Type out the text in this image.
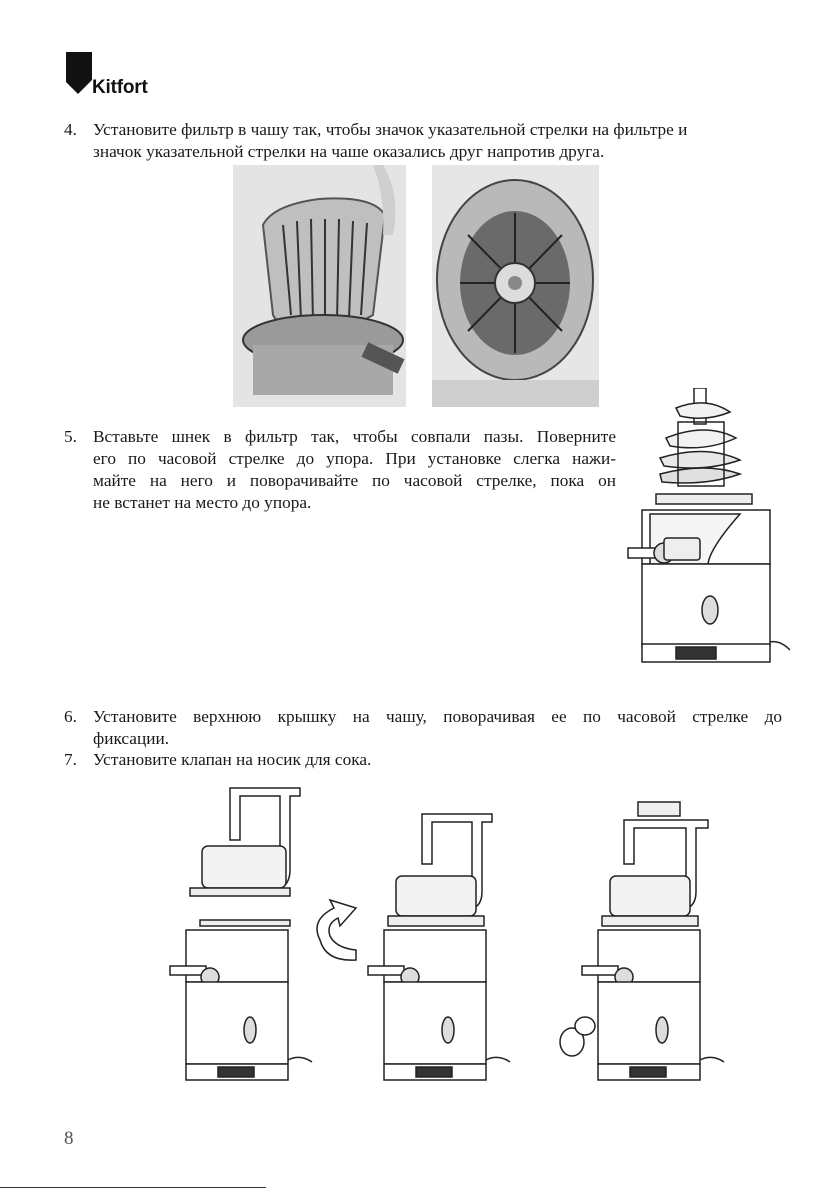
Kitfort
4. Установите фильтр в чашу так, чтобы значок указательной стрелки на фильтре и
значок указательной стрелки на чаше оказались друг напротив друга.
5. Вставьте шнек в фильтр так, чтобы совпали пазы. Поверните
его по часовой стрелке до упора. При установке слегка нажи-
майте на него и поворачивайте по часовой стрелке, пока он
не встанет на место до упора.
6. Установите верхнюю крышку на чашу, поворачивая ее по часовой стрелке до
фиксации.
7. Установите клапан на носик для сока.
8
